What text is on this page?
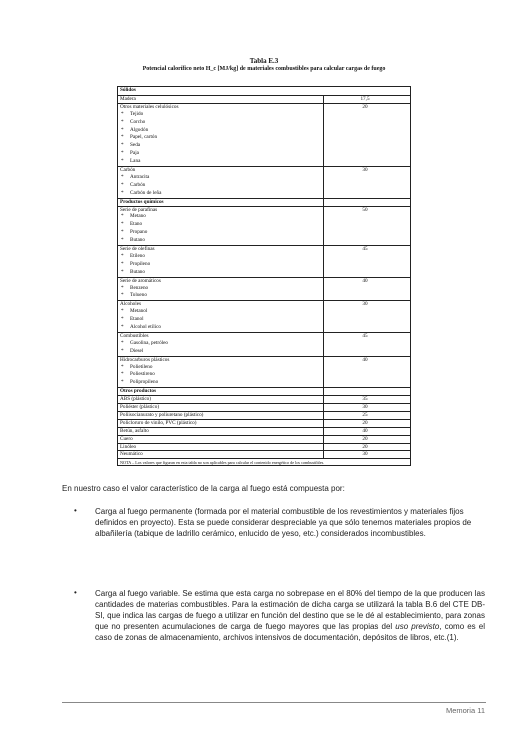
Tabla E.3
Potencial calorífico neto H_c [MJ/kg] de materiales combustibles para calcular cargas de fuego
Sólidos
Madera	17,5
Otros materiales celulósicos	20
* Tejido
* Corcho
* Algodón
* Papel, cartón
* Seda
* Paja
* Lana
Carbón	30
* Antracita
* Carbón
* Carbón de leña
Productos químicos
Serie de parafinas	50
* Metano
* Etano
* Propano
* Butano
Serie de olefinas	45
* Etileno
* Propileno
* Butano
Serie de aromáticos	40
* Benzeno
* Tolueno
Alcoholes	30
* Metanol
* Etanol
* Alcohol etílico
Combustibles	45
* Gasolina, petróleo
* Diesel
Hidrocarburos plásticos	40
* Polietileno
* Poliestireno
* Polipropileno
Otros productos
ABS (plástico)	35
Poliéster (plástico)	30
Poliisocianurato y poliuretano (plástico)	25
Policloruro de vinilo, PVC (plástico)	20
Betún, asfalto	40
Cuero	20
Linóleo	20
Neumático	30
NOTA – Los valores que figuran en esta tabla no son aplicables para calcular el contenido energético de los combustibles.
En nuestro caso el valor característico de la carga al fuego está compuesta por:
• Carga al fuego permanente (formada por el material combustible de los revestimientos y materiales fijos definidos en proyecto). Esta se puede considerar despreciable ya que sólo tenemos materiales propios de albañilería (tabique de ladrillo cerámico, enlucido de yeso, etc.) considerados incombustibles.
• Carga al fuego variable. Se estima que esta carga no sobrepase en el 80% del tiempo de la que producen las cantidades de materias combustibles. Para la estimación de dicha carga se utilizará la tabla B.6 del CTE DB-SI, que indica las cargas de fuego a utilizar en función del destino que se le dé al establecimiento, para zonas que no presenten acumulaciones de carga de fuego mayores que las propias del uso previsto, como es el caso de zonas de almacenamiento, archivos intensivos de documentación, depósitos de libros, etc.(1).
Memoria 11
